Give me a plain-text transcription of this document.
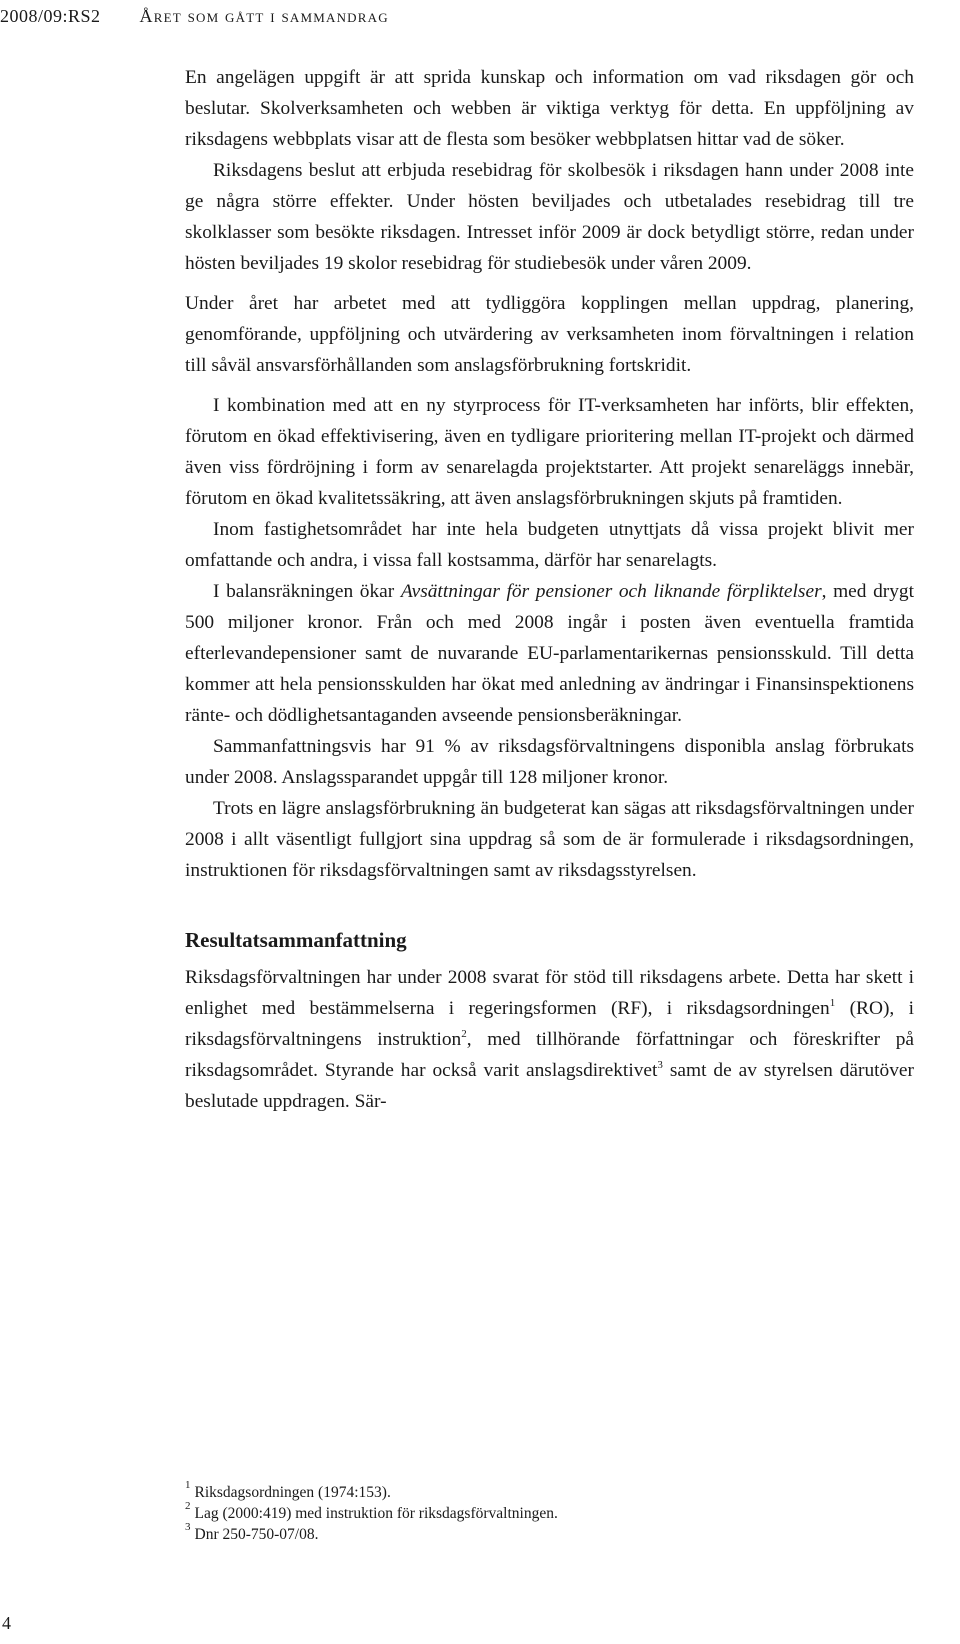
2008/09:RS2 Året som gått i sammandrag

En angelägen uppgift är att sprida kunskap och information om vad riksdagen gör och beslutar. Skolverksamheten och webben är viktiga verktyg för detta. En uppföljning av riksdagens webbplats visar att de flesta som besöker webbplatsen hittar vad de söker.

Riksdagens beslut att erbjuda resebidrag för skolbesök i riksdagen hann under 2008 inte ge några större effekter. Under hösten beviljades och utbetalades resebidrag till tre skolklasser som besökte riksdagen. Intresset inför 2009 är dock betydligt större, redan under hösten beviljades 19 skolor resebidrag för studiebesök under våren 2009.

Under året har arbetet med att tydliggöra kopplingen mellan uppdrag, planering, genomförande, uppföljning och utvärdering av verksamheten inom förvaltningen i relation till såväl ansvarsförhållanden som anslagsförbrukning fortskridit.

I kombination med att en ny styrprocess för IT-verksamheten har införts, blir effekten, förutom en ökad effektivisering, även en tydligare prioritering mellan IT-projekt och därmed även viss fördröjning i form av senarelagda projektstarter. Att projekt senareläggs innebär, förutom en ökad kvalitetssäkring, att även anslagsförbrukningen skjuts på framtiden.

Inom fastighetsområdet har inte hela budgeten utnyttjats då vissa projekt blivit mer omfattande och andra, i vissa fall kostsamma, därför har senarelagts.

I balansräkningen ökar Avsättningar för pensioner och liknande förpliktelser, med drygt 500 miljoner kronor. Från och med 2008 ingår i posten även eventuella framtida efterlevandepensioner samt de nuvarande EU-parlamentarikernas pensionsskuld. Till detta kommer att hela pensionsskulden har ökat med anledning av ändringar i Finansinspektionens ränte- och dödlighetsantaganden avseende pensionsberäkningar.

Sammanfattningsvis har 91 % av riksdagsförvaltningens disponibla anslag förbrukats under 2008. Anslagssparandet uppgår till 128 miljoner kronor.

Trots en lägre anslagsförbrukning än budgeterat kan sägas att riksdagsförvaltningen under 2008 i allt väsentligt fullgjort sina uppdrag så som de är formulerade i riksdagsordningen, instruktionen för riksdagsförvaltningen samt av riksdagsstyrelsen.

Resultatsammanfattning

Riksdagsförvaltningen har under 2008 svarat för stöd till riksdagens arbete. Detta har skett i enlighet med bestämmelserna i regeringsformen (RF), i riksdagsordningen$^1$ (RO), i riksdagsförvaltningens instruktion$^2$, med tillhörande författningar och föreskrifter på riksdagsområdet. Styrande har också varit anslagsdirektivet$^3$ samt de av styrelsen därutöver beslutade uppdragen. Sär-

$^1$ Riksdagsordningen (1974:153).
$^2$ Lag (2000:419) med instruktion för riksdagsförvaltningen.
$^3$ Dnr 250-750-07/08.
4
